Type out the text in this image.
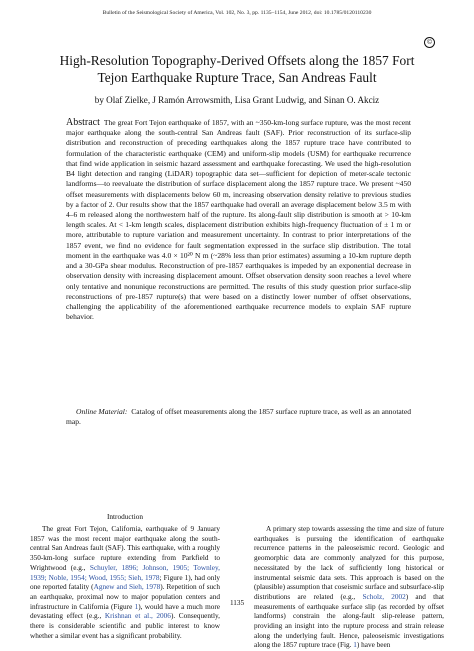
Bulletin of the Seismological Society of America, Vol. 102, No. 3, pp. 1135–1154, June 2012, doi: 10.1785/0120110230
©
High-Resolution Topography-Derived Offsets along the 1857 Fort
Tejon Earthquake Rupture Trace, San Andreas Fault
by Olaf Zielke, J Ramón Arrowsmith, Lisa Grant Ludwig, and Sinan O. Akciz
Abstract The great Fort Tejon earthquake of 1857, with an ~350-km-long surface rupture, was the most recent major earthquake along the south-central San Andreas fault (SAF). Prior reconstruction of its surface-slip distribution and reconstruction of preceding earthquakes along the 1857 rupture trace have contributed to formulation of the characteristic earthquake (CEM) and uniform-slip models (USM) for earthquake recurrence that find wide application in seismic hazard assessment and earthquake forecasting. We used the high-resolution B4 light detection and ranging (LiDAR) topographic data set—sufficient for depiction of meter-scale tectonic landforms—to reevaluate the distribution of surface displacement along the 1857 rupture trace. We present ~450 offset measurements with displacements below 60 m, increasing observation density relative to previous studies by a factor of 2. Our results show that the 1857 earthquake had overall an average displacement below 3.5 m with 4–6 m released along the northwestern half of the rupture. Its along-fault slip distribution is smooth at > 10-km length scales. At < 1-km length scales, displacement distribution exhibits high-frequency fluctuation of ± 1 m or more, attributable to rupture variation and measurement uncertainty. In contrast to prior interpretations of the 1857 event, we find no evidence for fault segmentation expressed in the surface slip distribution. The total moment in the earthquake was 4.0 × 10²⁰ N m (~28% less than prior estimates) assuming a 10-km rupture depth and a 30-GPa shear modulus. Reconstruction of pre-1857 earthquakes is impeded by an exponential decrease in observation density with increasing displacement amount. Offset observation density soon reaches a level where only tentative and nonunique reconstructions are permitted. The results of this study question prior surface-slip reconstructions of pre-1857 rupture(s) that were based on a distinctly lower number of offset observations, challenging the applicability of the aforementioned earthquake recurrence models to explain SAF rupture behavior.
Online Material: Catalog of offset measurements along the 1857 surface rupture trace, as well as an annotated map.
Introduction

The great Fort Tejon, California, earthquake of 9 January 1857 was the most recent major earthquake along the south-central San Andreas fault (SAF). This earthquake, with a roughly 350-km-long surface rupture extending from Parkfield to Wrightwood (e.g., Schuyler, 1896; Johnson, 1905; Townley, 1939; Noble, 1954; Wood, 1955; Sieh, 1978; Figure 1), had only one reported fatality (Agnew and Sieh, 1978). Repetition of such an earthquake, proximal now to major population centers and infrastructure in California (Figure 1), would have a much more devastating effect (e.g., Krishnan et al., 2006). Consequently, there is considerable scientific and public interest to know whether a similar event has a significant probability.

A primary step towards assessing the time and size of future earthquakes is pursuing the identification of earthquake recurrence patterns in the paleoseismic record. Geologic and geomorphic data are commonly analyzed for this purpose, necessitated by the lack of sufficiently long historical or instrumental seismic data sets. This approach is based on the (plausible) assumption that coseismic surface and subsurface-slip distributions are related (e.g., Scholz, 2002) and that measurements of earthquake surface slip (as recorded by offset landforms) constrain the along-fault slip-release pattern, providing an insight into the rupture process and strain release along the underlying fault. Hence, paleoseismic investigations along the 1857 rupture trace (Fig. 1) have been

1135
